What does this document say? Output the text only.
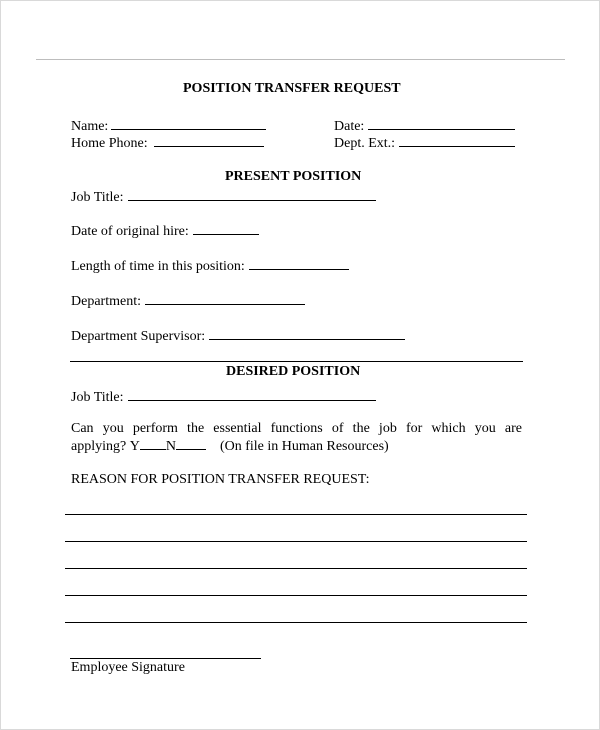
POSITION TRANSFER REQUEST
Name:	Date:
Home Phone:	Dept. Ext.:
PRESENT POSITION
Job Title:
Date of original hire:
Length of time in this position:
Department:
Department Supervisor:
DESIRED POSITION
Job Title:
Can you perform the essential functions of the job for which you are applying? Y N	(On file in Human Resources)
REASON FOR POSITION TRANSFER REQUEST:
Employee Signature
